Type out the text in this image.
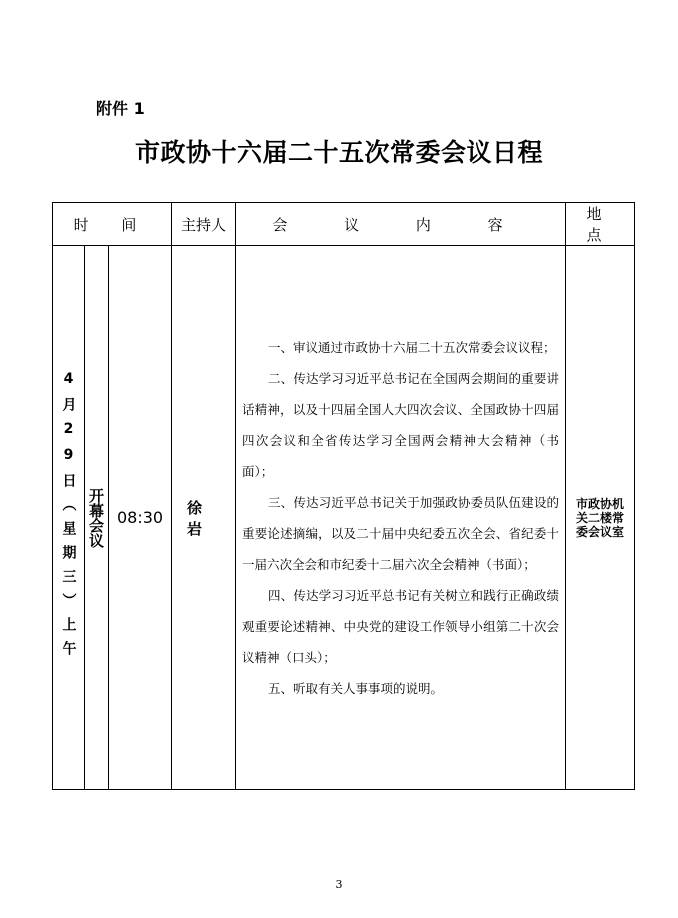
附件 1
市政协十六届二十五次常委会议日程
时 间			主持人	会 议 内 容	地 点

4月29日（星期三）上午	开幕会议	08:30	徐 岩	一、审议通过市政协十六届二十五次常委会议议程；

二、传达学习习近平总书记在全国两会期间的重要讲话精神，以及十四届全国人大四次会议、全国政协十四届四次会议和全省传达学习全国两会精神大会精神（书面）；

三、传达习近平总书记关于加强政协委员队伍建设的重要论述摘编，以及二十届中央纪委五次全会、省纪委十一届六次全会和市纪委十二届六次全会精神（书面）；

四、传达学习习近平总书记有关树立和践行正确政绩观重要论述精神、中央党的建设工作领导小组第二十次会议精神（口头）；

五、听取有关人事事项的说明。	市政协机关二楼常委会议室
3
